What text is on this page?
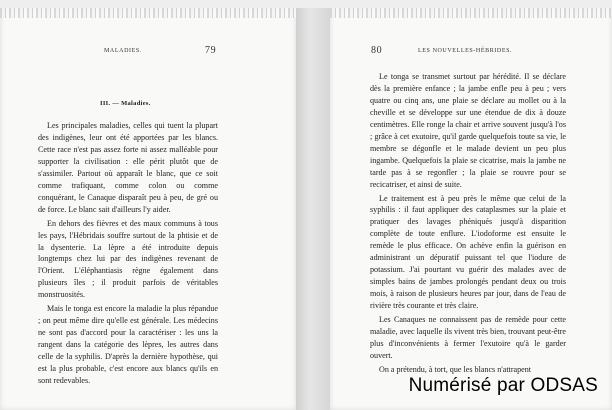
MALADIES.	79
III. — Maladies.

Les principales maladies, celles qui tuent la plupart des indigènes, leur ont été apportées par les blancs. Cette race n'est pas assez forte ni assez malléable pour supporter la civilisation : elle périt plutôt que de s'assimiler. Partout où apparaît le blanc, que ce soit comme trafiquant, comme colon ou comme conquérant, le Canaque disparaît peu à peu, de gré ou de force. Le blanc sait d'ailleurs l'y aider.

En dehors des fièvres et des maux communs à tous les pays, l'Hébridais souffre surtout de la phtisie et de la dysenterie. La lèpre a été introduite depuis longtemps chez lui par des indigènes revenant de l'Orient. L'éléphantiasis règne également dans plusieurs îles ; il produit parfois de véritables monstruosités.

Mais le tonga est encore la maladie la plus répandue ; on peut même dire qu'elle est générale. Les médecins ne sont pas d'accord pour la caractériser : les uns la rangent dans la catégorie des lèpres, les autres dans celle de la syphilis. D'après la dernière hypothèse, qui est la plus probable, c'est encore aux blancs qu'ils en sont redevables.

80	LES NOUVELLES-HÉBRIDES.

Le tonga se transmet surtout par hérédité. Il se déclare dès la première enfance ; la jambe enfle peu à peu ; vers quatre ou cinq ans, une plaie se déclare au mollet ou à la cheville et se développe sur une étendue de dix à douze centimètres. Elle ronge la chair et arrive souvent jusqu'à l'os ; grâce à cet exutoire, qu'il garde quelquefois toute sa vie, le membre se dégonfle et le malade devient un peu plus ingambe. Quelquefois la plaie se cicatrise, mais la jambe ne tarde pas à se regonfler ; la plaie se rouvre pour se recicatriser, et ainsi de suite.

Le traitement est à peu près le même que celui de la syphilis : il faut appliquer des cataplasmes sur la plaie et pratiquer des lavages phéniqués jusqu'à disparition complète de toute enflure. L'iodoforme est ensuite le remède le plus efficace. On achève enfin la guérison en administrant un dépuratif puissant tel que l'iodure de potassium. J'ai pourtant vu guérir des malades avec de simples bains de jambes prolongés pendant deux ou trois mois, à raison de plusieurs heures par jour, dans de l'eau de rivière très courante et très claire.

Les Canaques ne connaissent pas de remède pour cette maladie, avec laquelle ils vivent très bien, trouvant peut-être plus d'inconvénients à fermer l'exutoire qu'à le garder ouvert.

On a prétendu, à tort, que les blancs n'attrapent

Numérisé par ODSAS
